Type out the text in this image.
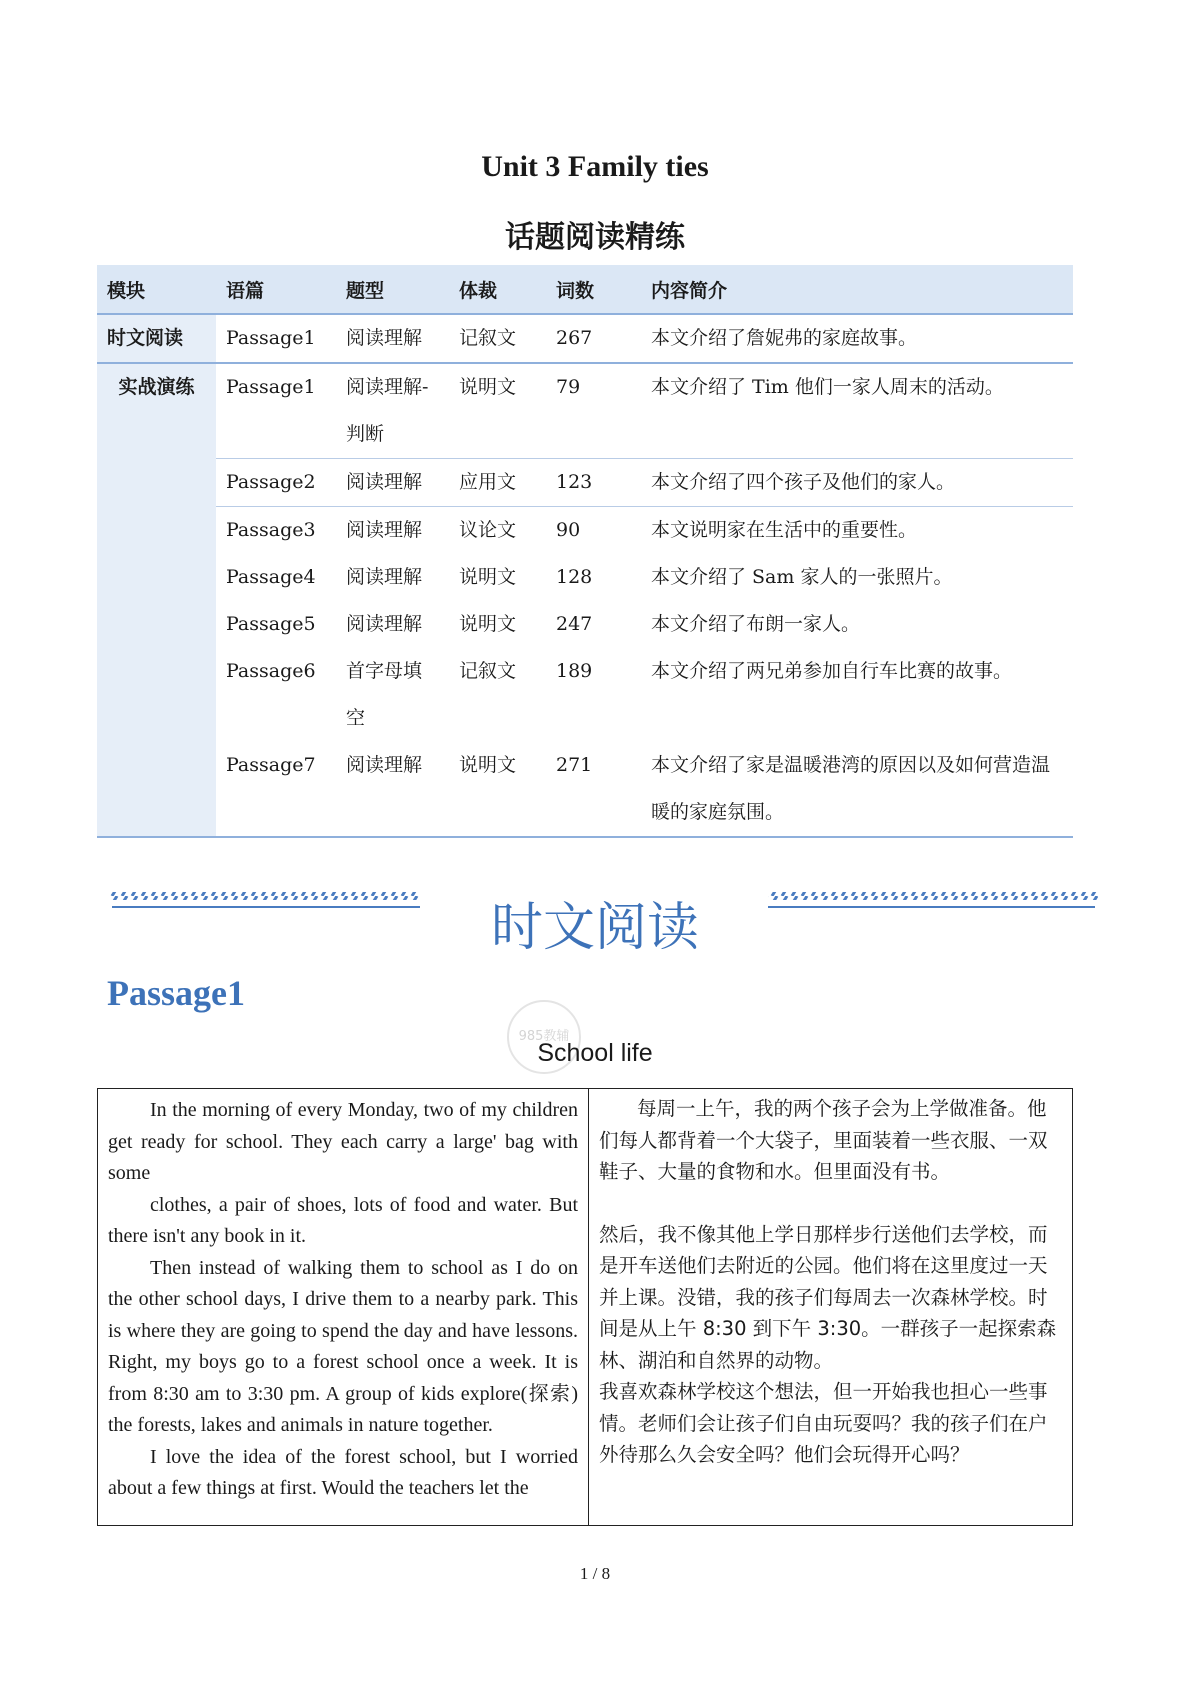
Unit 3 Family ties
话题阅读精练
模块	语篇	题型	体裁	词数	内容简介
时文阅读	Passage1	阅读理解	记叙文	267	本文介绍了詹妮弗的家庭故事。
实战演练	Passage1	阅读理解-判断	说明文	79	本文介绍了 Tim 他们一家人周末的活动。
	Passage2	阅读理解	应用文	123	本文介绍了四个孩子及他们的家人。
	Passage3	阅读理解	议论文	90	本文说明家在生活中的重要性。
	Passage4	阅读理解	说明文	128	本文介绍了 Sam 家人的一张照片。
	Passage5	阅读理解	说明文	247	本文介绍了布朗一家人。
	Passage6	首字母填空	记叙文	189	本文介绍了两兄弟参加自行车比赛的故事。
	Passage7	阅读理解	说明文	271	本文介绍了家是温暖港湾的原因以及如何营造温暖的家庭氛围。
时文阅读
Passage1
985教辅
School life

In the morning of every Monday, two of my children get ready for school. They each carry a large' bag with some

clothes, a pair of shoes, lots of food and water. But there isn't any book in it.

Then instead of walking them to school as I do on the other school days, I drive them to a nearby park. This is where they are going to spend the day and have lessons. Right, my boys go to a forest school once a week. It is from 8:30 am to 3:30 pm. A group of kids explore(探索) the forests, lakes and animals in nature together.

I love the idea of the forest school, but I worried about a few things at first. Would the teachers let the

每周一上午，我的两个孩子会为上学做准备。他们每人都背着一个大袋子，里面装着一些衣服、一双鞋子、大量的食物和水。但里面没有书。

然后，我不像其他上学日那样步行送他们去学校，而是开车送他们去附近的公园。他们将在这里度过一天并上课。没错，我的孩子们每周去一次森林学校。时间是从上午 8:30 到下午 3:30。一群孩子一起探索森林、湖泊和自然界的动物。

我喜欢森林学校这个想法，但一开始我也担心一些事情。老师们会让孩子们自由玩耍吗？我的孩子们在户外待那么久会安全吗？他们会玩得开心吗？

1 / 8
